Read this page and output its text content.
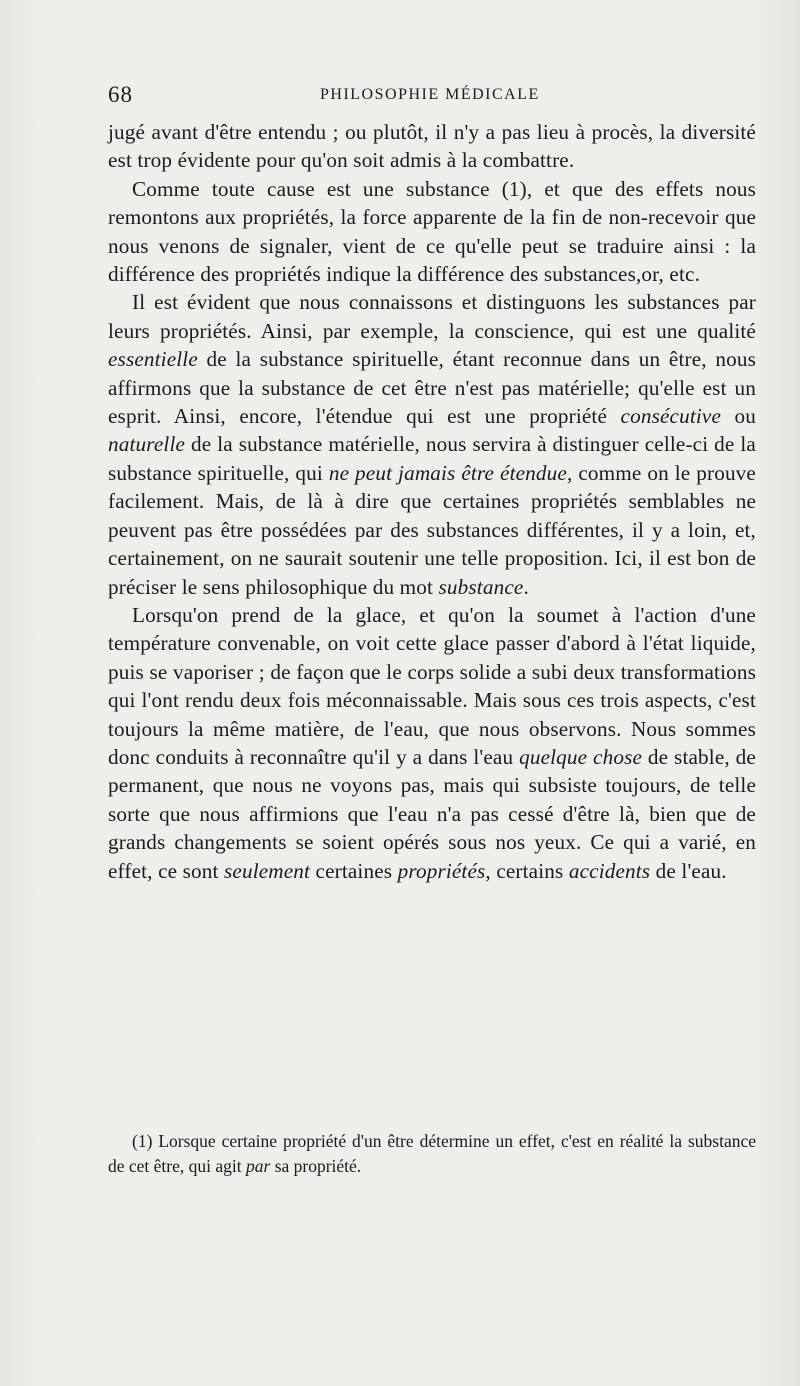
68	PHILOSOPHIE MÉDICALE

jugé avant d'être entendu ; ou plutôt, il n'y a pas lieu à procès, la diversité est trop évidente pour qu'on soit admis à la combattre.

Comme toute cause est une substance (1), et que des effets nous remontons aux propriétés, la force apparente de la fin de non-recevoir que nous venons de signaler, vient de ce qu'elle peut se traduire ainsi : la différence des propriétés indique la différence des substances,or, etc.

Il est évident que nous connaissons et distinguons les substances par leurs propriétés. Ainsi, par exemple, la conscience, qui est une qualité essentielle de la substance spirituelle, étant reconnue dans un être, nous affirmons que la substance de cet être n'est pas matérielle; qu'elle est un esprit. Ainsi, encore, l'étendue qui est une propriété consécutive ou naturelle de la substance matérielle, nous servira à distinguer celle-ci de la substance spirituelle, qui ne peut jamais être étendue, comme on le prouve facilement. Mais, de là à dire que certaines propriétés semblables ne peuvent pas être possédées par des substances différentes, il y a loin, et, certainement, on ne saurait soutenir une telle proposition. Ici, il est bon de préciser le sens philosophique du mot substance.

Lorsqu'on prend de la glace, et qu'on la soumet à l'action d'une température convenable, on voit cette glace passer d'abord à l'état liquide, puis se vaporiser ; de façon que le corps solide a subi deux transformations qui l'ont rendu deux fois méconnaissable. Mais sous ces trois aspects, c'est toujours la même matière, de l'eau, que nous observons. Nous sommes donc conduits à reconnaître qu'il y a dans l'eau quelque chose de stable, de permanent, que nous ne voyons pas, mais qui subsiste toujours, de telle sorte que nous affirmions que l'eau n'a pas cessé d'être là, bien que de grands changements se soient opérés sous nos yeux. Ce qui a varié, en effet, ce sont seulement certaines propriétés, certains accidents de l'eau.

(1) Lorsque certaine propriété d'un être détermine un effet, c'est en réalité la substance de cet être, qui agit par sa propriété.
